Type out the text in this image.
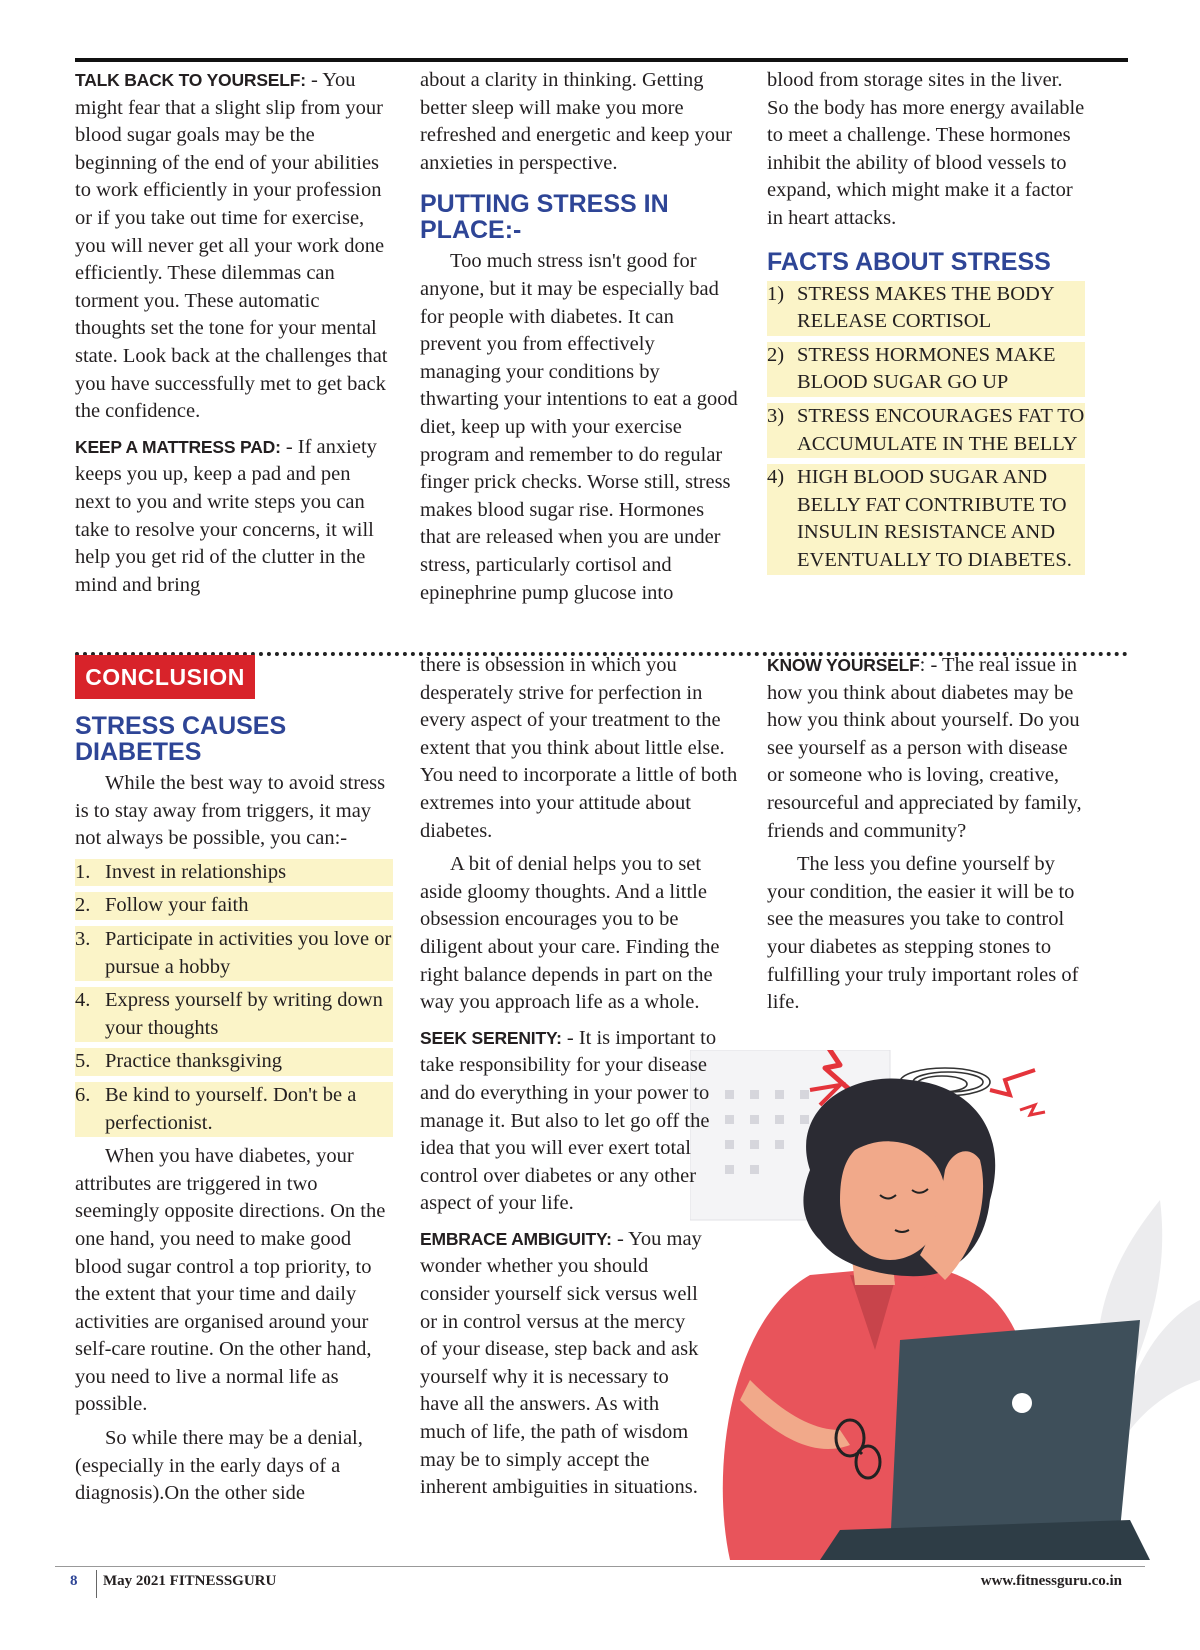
TALK BACK TO YOURSELF: - You might fear that a slight slip from your blood sugar goals may be the beginning of the end of your abilities to work efficiently in your profession or if you take out time for exercise, you will never get all your work done efficiently. These dilemmas can torment you. These automatic thoughts set the tone for your mental state. Look back at the challenges that you have successfully met to get back the confidence.

KEEP A MATTRESS PAD: - If anxiety keeps you up, keep a pad and pen next to you and write steps you can take to resolve your concerns, it will help you get rid of the clutter in the mind and bring

about a clarity in thinking. Getting better sleep will make you more refreshed and energetic and keep your anxieties in perspective.

PUTTING STRESS IN PLACE:-

Too much stress isn't good for anyone, but it may be especially bad for people with diabetes. It can prevent you from effectively managing your conditions by thwarting your intentions to eat a good diet, keep up with your exercise program and remember to do regular finger prick checks. Worse still, stress makes blood sugar rise. Hormones that are released when you are under stress, particularly cortisol and epinephrine pump glucose into

blood from storage sites in the liver. So the body has more energy available to meet a challenge. These hormones inhibit the ability of blood vessels to expand, which might make it a factor in heart attacks.

FACTS ABOUT STRESS
1) STRESS MAKES THE BODY RELEASE CORTISOL
2) STRESS HORMONES MAKE BLOOD SUGAR GO UP
3) STRESS ENCOURAGES FAT TO ACCUMULATE IN THE BELLY
4) HIGH BLOOD SUGAR AND BELLY FAT CONTRIBUTE TO INSULIN RESISTANCE AND EVENTUALLY TO DIABETES.
CONCLUSION
STRESS CAUSES DIABETES

While the best way to avoid stress is to stay away from triggers, it may not always be possible, you can:-

1. Invest in relationships
2. Follow your faith
3. Participate in activities you love or pursue a hobby
4. Express yourself by writing down your thoughts
5. Practice thanksgiving
6. Be kind to yourself. Don't be a perfectionist.

When you have diabetes, your attributes are triggered in two seemingly opposite directions. On the one hand, you need to make good blood sugar control a top priority, to the extent that your time and daily activities are organised around your self-care routine. On the other hand, you need to live a normal life as possible.

So while there may be a denial, (especially in the early days of a diagnosis).On the other side

there is obsession in which you desperately strive for perfection in every aspect of your treatment to the extent that you think about little else. You need to incorporate a little of both extremes into your attitude about diabetes.

A bit of denial helps you to set aside gloomy thoughts. And a little obsession encourages you to be diligent about your care. Finding the right balance depends in part on the way you approach life as a whole.

SEEK SERENITY: - It is important to take responsibility for your disease and do everything in your power to manage it. But also to let go off the idea that you will ever exert total control over diabetes or any other aspect of your life.

EMBRACE AMBIGUITY: - You may wonder whether you should consider yourself sick versus well or in control versus at the mercy of your disease, step back and ask yourself why it is necessary to have all the answers. As with much of life, the path of wisdom may be to simply accept the inherent ambiguities in situations.

KNOW YOURSELF: - The real issue in how you think about diabetes may be how you think about yourself. Do you see yourself as a person with disease or someone who is loving, creative, resourceful and appreciated by family, friends and community?

The less you define yourself by your condition, the easier it will be to see the measures you take to control your diabetes as stepping stones to fulfilling your truly important roles of life.

8 May 2021 FITNESSGURU	www.fitnessguru.co.in
